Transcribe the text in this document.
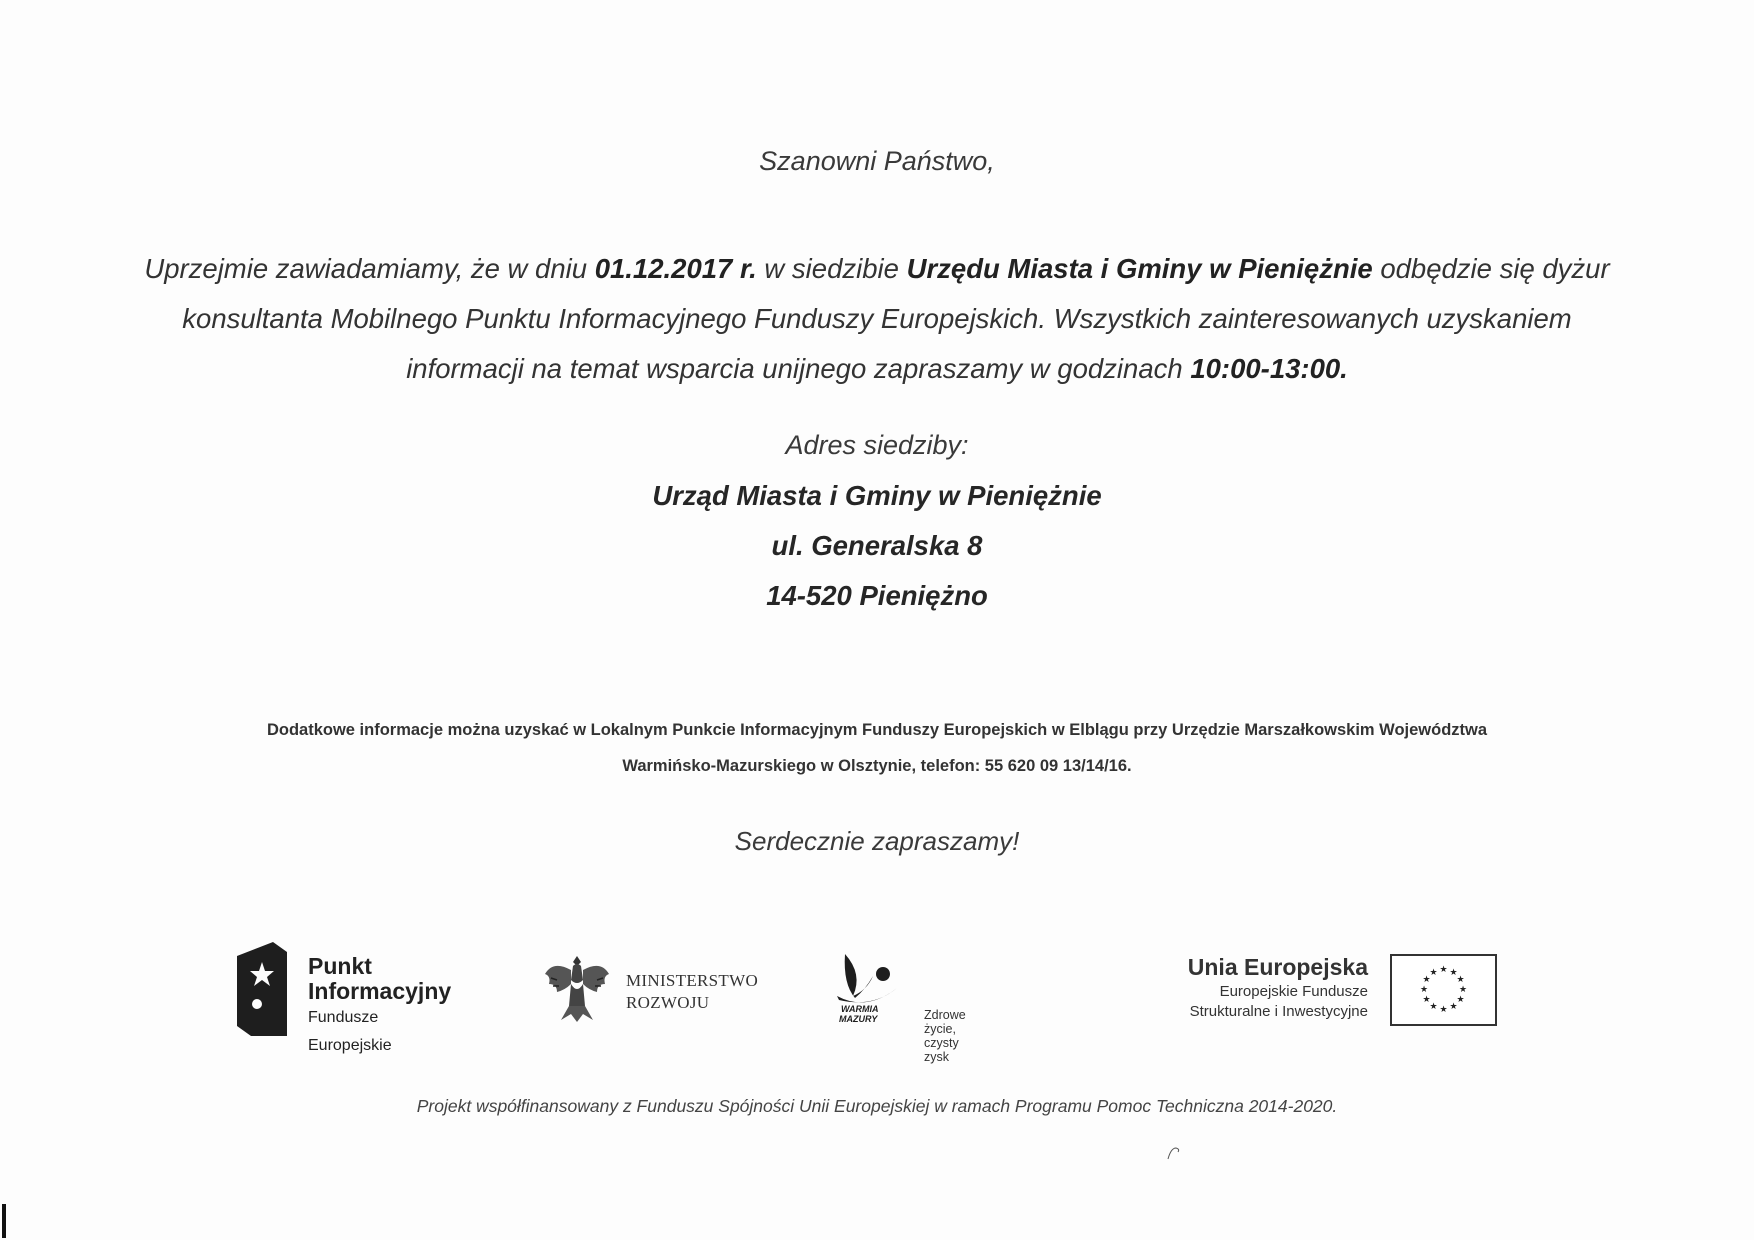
Szanowni Państwo,
Uprzejmie zawiadamiamy, że w dniu 01.12.2017 r. w siedzibie Urzędu Miasta i Gminy w Pieniężnie odbędzie się dyżur konsultanta Mobilnego Punktu Informacyjnego Funduszy Europejskich. Wszystkich zainteresowanych uzyskaniem informacji na temat wsparcia unijnego zapraszamy w godzinach 10:00-13:00.
Adres siedziby:
Urząd Miasta i Gminy w Pieniężnie
ul. Generalska 8
14-520 Pieniężno
Dodatkowe informacje można uzyskać w Lokalnym Punkcie Informacyjnym Funduszy Europejskich w Elblągu przy Urzędzie Marszałkowskim Województwa
Warmińsko-Mazurskiego w Olsztynie, telefon: 55 620 09 13/14/16.
Serdecznie zapraszamy!
Punkt
Informacyjny
Fundusze Europejskie
MINISTERSTWO
ROZWOJU	WARMIA
MAZURY	Zdrowe życie, czysty zysk
Unia Europejska
Europejskie Fundusze
Strukturalne i Inwestycyjne
★ ★
★
★
★
★
★
★
★
★
★
★
Projekt współfinansowany z Funduszu Spójności Unii Europejskiej w ramach Programu Pomoc Techniczna 2014-2020.
